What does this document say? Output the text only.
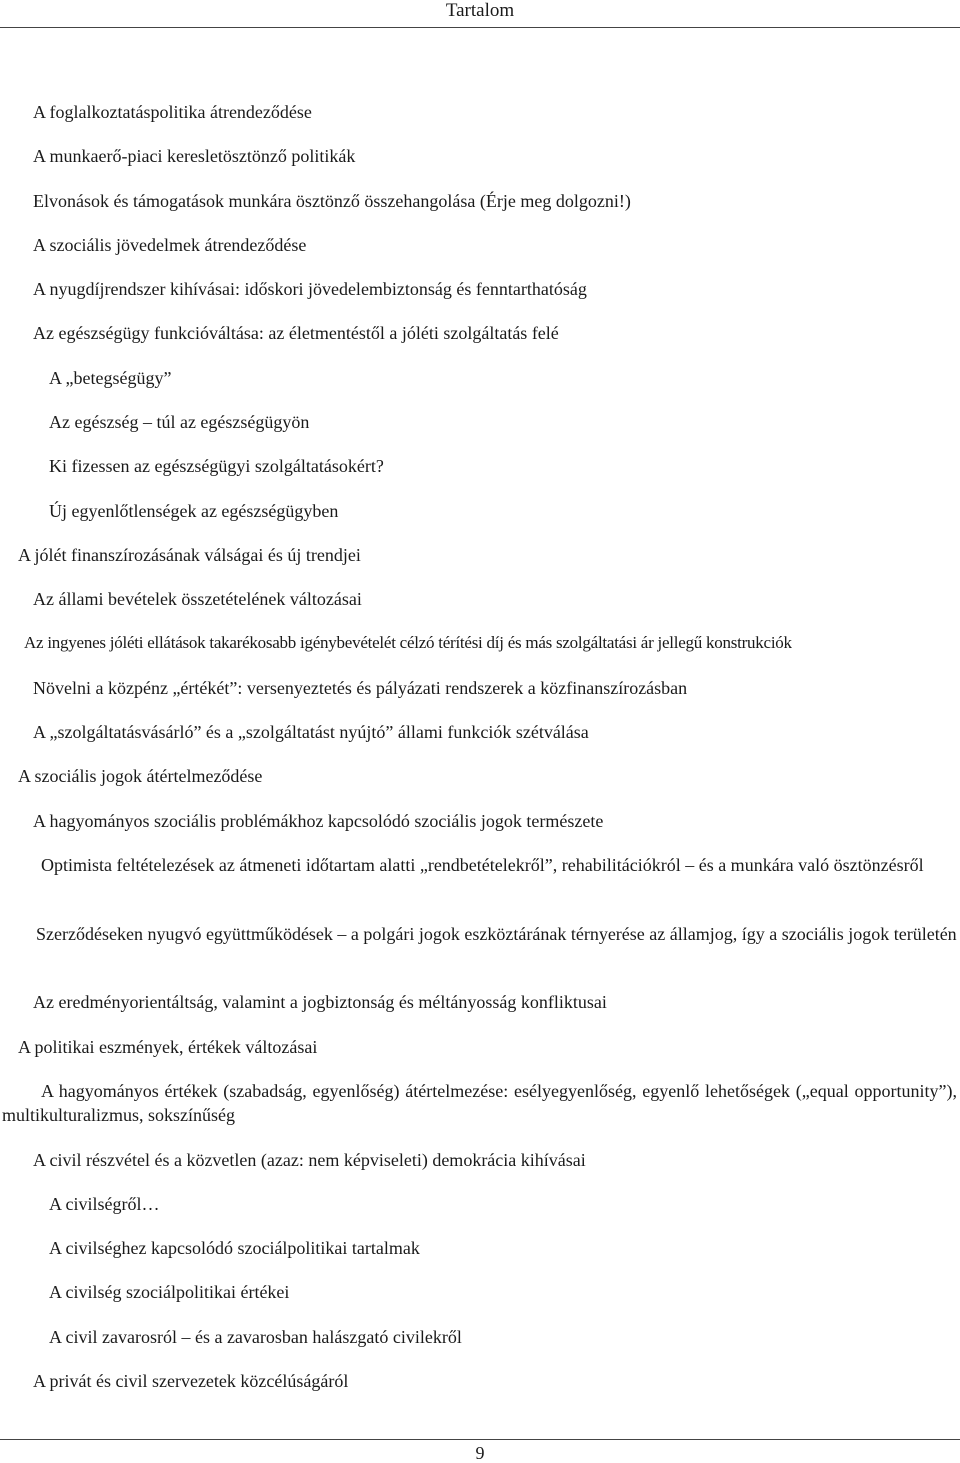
Tartalom
A foglalkoztatáspolitika átrendeződése
A munkaerő-piaci keresletösztönző politikák
Elvonások és támogatások munkára ösztönző összehangolása (Érje meg dolgozni!)
A szociális jövedelmek átrendeződése
A nyugdíjrendszer kihívásai: időskori jövedelembiztonság és fenntarthatóság
Az egészségügy funkcióváltása: az életmentéstől a jóléti szolgáltatás felé
A „betegségügy”
Az egészség – túl az egészségügyön
Ki fizessen az egészségügyi szolgáltatásokért?
Új egyenlőtlenségek az egészségügyben
A jólét finanszírozásának válságai és új trendjei
Az állami bevételek összetételének változásai
Az ingyenes jóléti ellátások takarékosabb igénybevételét célzó térítési díj és más szolgáltatási ár jellegű konstrukciók
Növelni a közpénz „értékét”: versenyeztetés és pályázati rendszerek a közfinanszírozásban
A „szolgáltatásvásárló” és a „szolgáltatást nyújtó” állami funkciók szétválása
A szociális jogok átértelmeződése
A hagyományos szociális problémákhoz kapcsolódó szociális jogok természete
Optimista feltételezések az átmeneti időtartam alatti „rendbetételekről”, rehabilitációkról – és a munkára való ösztönzésről
Szerződéseken nyugvó együttműködések – a polgári jogok eszköztárának térnyerése az államjog, így a szociális jogok területén
Az eredményorientáltság, valamint a jogbiztonság és méltányosság konfliktusai
A politikai eszmények, értékek változásai
A hagyományos értékek (szabadság, egyenlőség) átértelmezése: esélyegyenlőség, egyenlő lehetőségek („equal opportunity”), multikulturalizmus, sokszínűség
A civil részvétel és a közvetlen (azaz: nem képviseleti) demokrácia kihívásai
A civilségről…
A civilséghez kapcsolódó szociálpolitikai tartalmak
A civilség szociálpolitikai értékei
A civil zavarosról – és a zavarosban halászgató civilekről
A privát és civil szervezetek közcélúságáról
9
